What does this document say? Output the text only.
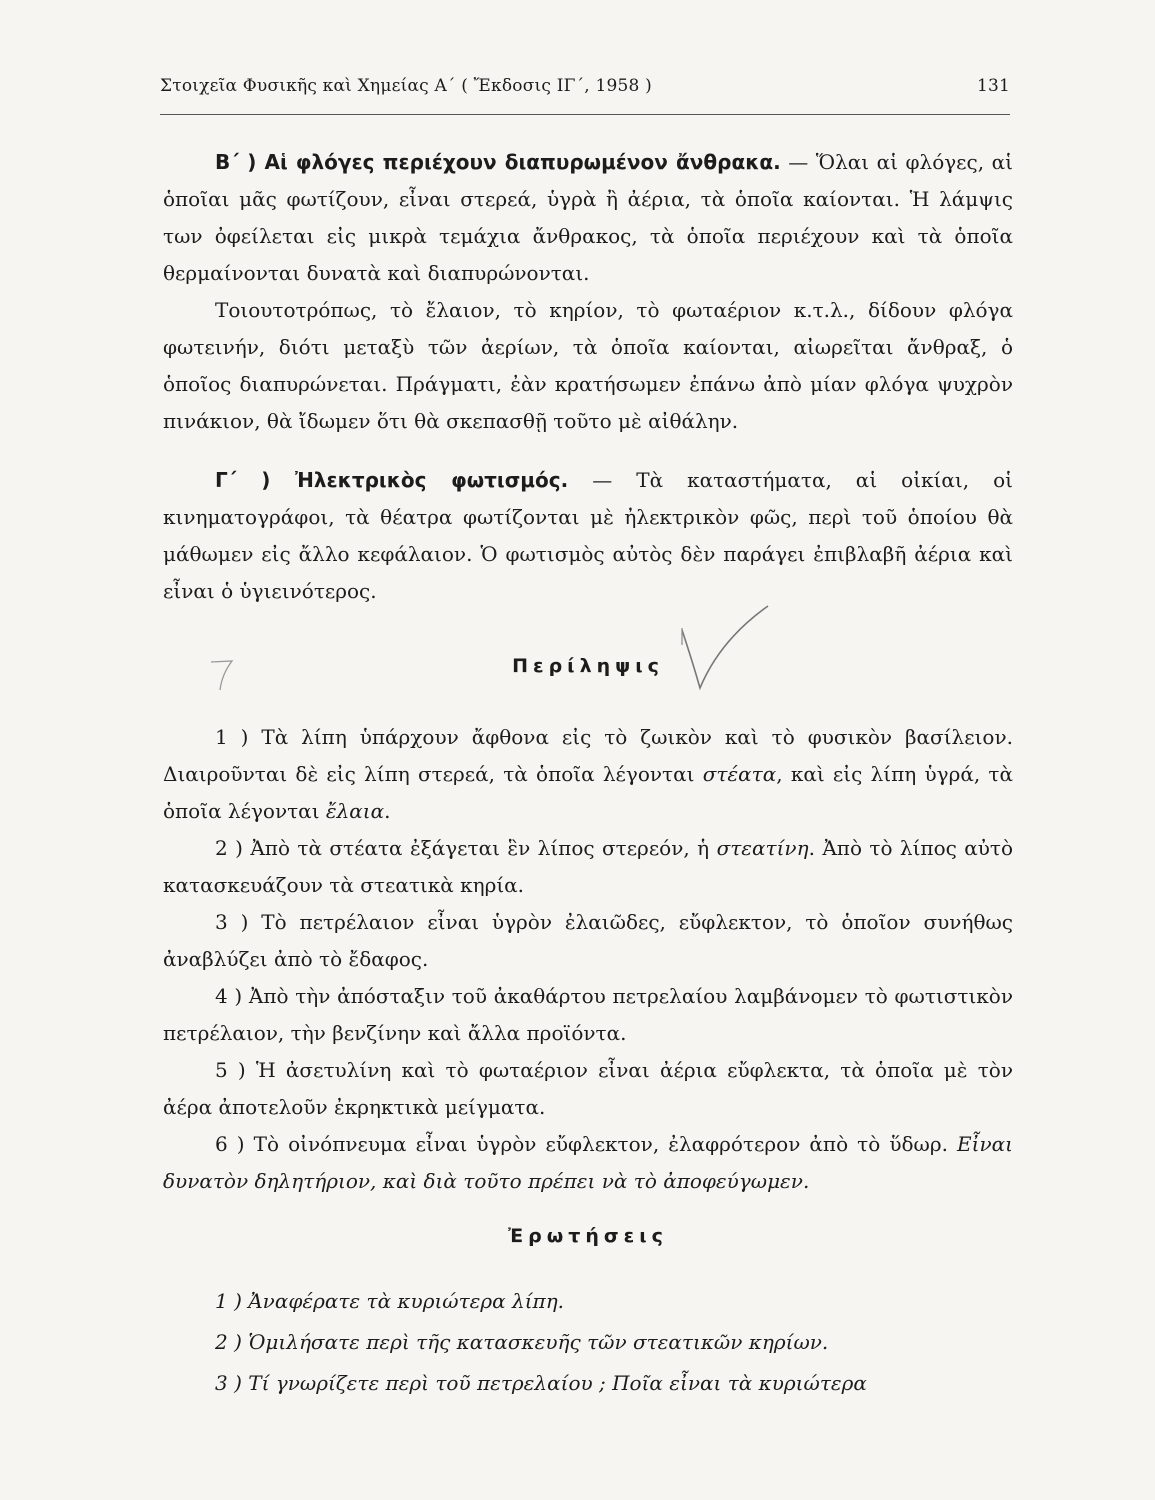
Στοιχεῖα Φυσικῆς καὶ Χημείας Α΄ ( Ἔκδοσις ΙΓ΄, 1958 )	131

Β΄ ) Αἱ φλόγες περιέχουν διαπυρωμένον ἄνθρακα. — Ὅλαι αἱ φλόγες, αἱ ὁποῖαι μᾶς φωτίζουν, εἶναι στερεά, ὑγρὰ ἢ ἀέρια, τὰ ὁποῖα καίονται. Ἡ λάμψις των ὀφείλεται εἰς μικρὰ τεμάχια ἄνθρακος, τὰ ὁποῖα περιέχουν καὶ τὰ ὁποῖα θερμαίνονται δυνατὰ καὶ διαπυρώνονται.

Τοιουτοτρόπως, τὸ ἔλαιον, τὸ κηρίον, τὸ φωταέριον κ.τ.λ., δίδουν φλόγα φωτεινήν, διότι μεταξὺ τῶν ἀερίων, τὰ ὁποῖα καίονται, αἰωρεῖται ἄνθραξ, ὁ ὁποῖος διαπυρώνεται. Πράγματι, ἐὰν κρατήσωμεν ἐπάνω ἀπὸ μίαν φλόγα ψυχρὸν πινάκιον, θὰ ἴδωμεν ὅτι θὰ σκεπασθῇ τοῦτο μὲ αἰθάλην.

Γ΄ ) Ἠλεκτρικὸς φωτισμός. — Τὰ καταστήματα, αἱ οἰκίαι, οἱ κινηματογράφοι, τὰ θέατρα φωτίζονται μὲ ἠλεκτρικὸν φῶς, περὶ τοῦ ὁποίου θὰ μάθωμεν εἰς ἄλλο κεφάλαιον. Ὁ φωτισμὸς αὐτὸς δὲν παράγει ἐπιβλαβῆ ἀέρια καὶ εἶναι ὁ ὑγιεινότερος.

Περίληψις

1 ) Τὰ λίπη ὑπάρχουν ἄφθονα εἰς τὸ ζωικὸν καὶ τὸ φυσικὸν βασίλειον. Διαιροῦνται δὲ εἰς λίπη στερεά, τὰ ὁποῖα λέγονται στέατα, καὶ εἰς λίπη ὑγρά, τὰ ὁποῖα λέγονται ἔλαια.

2 ) Ἀπὸ τὰ στέατα ἐξάγεται ἓν λίπος στερεόν, ἡ στεατίνη. Ἀπὸ τὸ λίπος αὐτὸ κατασκευάζουν τὰ στεατικὰ κηρία.

3 ) Τὸ πετρέλαιον εἶναι ὑγρὸν ἐλαιῶδες, εὔφλεκτον, τὸ ὁποῖον συνήθως ἀναβλύζει ἀπὸ τὸ ἔδαφος.

4 ) Ἀπὸ τὴν ἀπόσταξιν τοῦ ἀκαθάρτου πετρελαίου λαμβάνομεν τὸ φωτιστικὸν πετρέλαιον, τὴν βενζίνην καὶ ἄλλα προϊόντα.

5 ) Ἡ ἀσετυλίνη καὶ τὸ φωταέριον εἶναι ἀέρια εὔφλεκτα, τὰ ὁποῖα μὲ τὸν ἀέρα ἀποτελοῦν ἐκρηκτικὰ μείγματα.

6 ) Τὸ οἰνόπνευμα εἶναι ὑγρὸν εὔφλεκτον, ἐλαφρότερον ἀπὸ τὸ ὕδωρ. Εἶναι δυνατὸν δηλητήριον, καὶ διὰ τοῦτο πρέπει νὰ τὸ ἀποφεύγωμεν.

Ἐρωτήσεις

1 ) Ἀναφέρατε τὰ κυριώτερα λίπη.

2 ) Ὁμιλήσατε περὶ τῆς κατασκευῆς τῶν στεατικῶν κηρίων.

3 ) Τί γνωρίζετε περὶ τοῦ πετρελαίου ; Ποῖα εἶναι τὰ κυριώτερα
